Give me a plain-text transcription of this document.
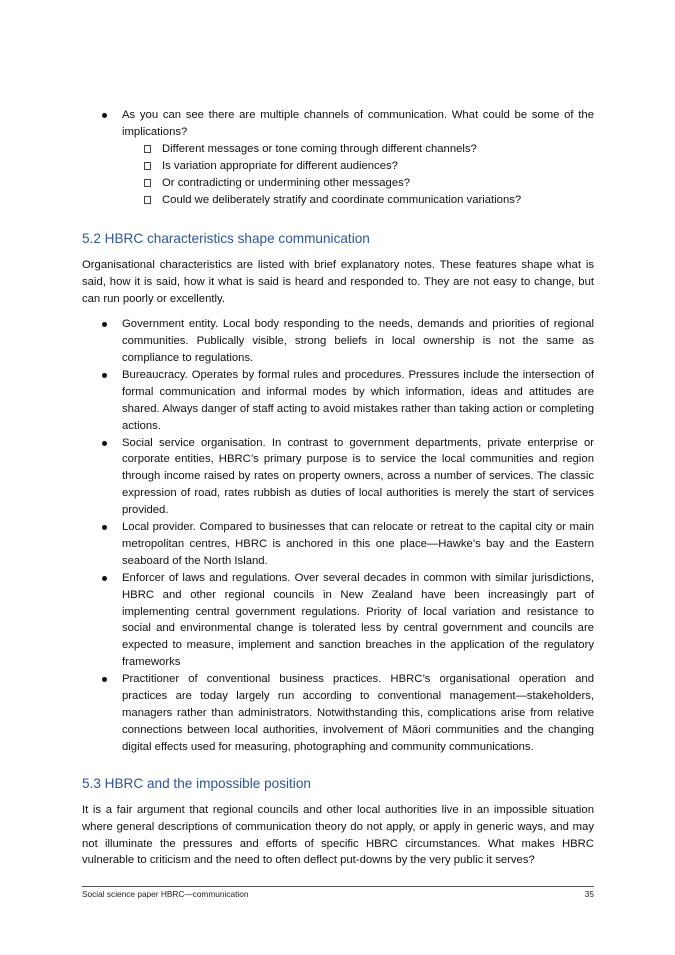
As you can see there are multiple channels of communication. What could be some of the implications?
Different messages or tone coming through different channels?
Is variation appropriate for different audiences?
Or contradicting or undermining other messages?
Could we deliberately stratify and coordinate communication variations?
5.2 HBRC characteristics shape communication

Organisational characteristics are listed with brief explanatory notes. These features shape what is said, how it is said, how it what is said is heard and responded to. They are not easy to change, but can run poorly or excellently.

Government entity. Local body responding to the needs, demands and priorities of regional communities. Publically visible, strong beliefs in local ownership is not the same as compliance to regulations.
Bureaucracy. Operates by formal rules and procedures. Pressures include the intersection of formal communication and informal modes by which information, ideas and attitudes are shared. Always danger of staff acting to avoid mistakes rather than taking action or completing actions.
Social service organisation. In contrast to government departments, private enterprise or corporate entities, HBRC’s primary purpose is to service the local communities and region through income raised by rates on property owners, across a number of services. The classic expression of road, rates rubbish as duties of local authorities is merely the start of services provided.
Local provider. Compared to businesses that can relocate or retreat to the capital city or main metropolitan centres, HBRC is anchored in this one place—Hawke’s bay and the Eastern seaboard of the North Island.
Enforcer of laws and regulations. Over several decades in common with similar jurisdictions, HBRC and other regional councils in New Zealand have been increasingly part of implementing central government regulations. Priority of local variation and resistance to social and environmental change is tolerated less by central government and councils are expected to measure, implement and sanction breaches in the application of the regulatory frameworks
Practitioner of conventional business practices. HBRC’s organisational operation and practices are today largely run according to conventional management—stakeholders, managers rather than administrators. Notwithstanding this, complications arise from relative connections between local authorities, involvement of Māori communities and the changing digital effects used for measuring, photographing and community communications.
5.3 HBRC and the impossible position

It is a fair argument that regional councils and other local authorities live in an impossible situation where general descriptions of communication theory do not apply, or apply in generic ways, and may not illuminate the pressures and efforts of specific HBRC circumstances. What makes HBRC vulnerable to criticism and the need to often deflect put-downs by the very public it serves?

Social science paper HBRC—communication	35
